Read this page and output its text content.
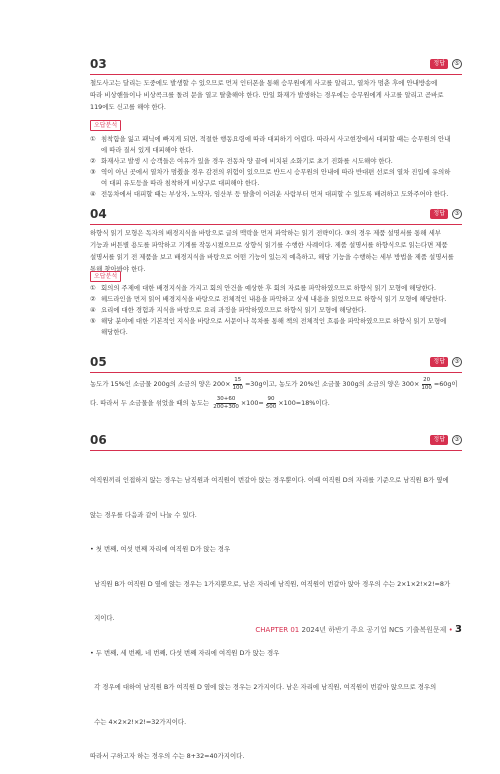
03	정답	⑤

철도사고는 달리는 도중에도 발생할 수 있으므로 먼저 인터폰을 통해 승무원에게 사고를 알리고, 열차가 멈춘 후에 안내방송에
따라 비상핸들이나 비상콕크를 돌려 문을 열고 탈출해야 한다. 만일 화재가 발생하는 경우에는 승무원에게 사고를 알리고 곧바로
119에도 신고를 해야 한다.

오답분석
① 침착함을 잃고 패닉에 빠지게 되면, 적절한 행동요령에 따라 대피하기 어렵다. 따라서 사고현장에서 대피할 때는 승무원의 안내
에 따라 질서 있게 대피해야 한다.
② 화재사고 발생 시 승객들은 여유가 있을 경우 전동차 양 끝에 비치된 소화기로 초기 진화를 시도해야 한다.
③ 역이 아닌 곳에서 열차가 멈췄을 경우 감전의 위험이 있으므로 반드시 승무원의 안내에 따라 반대편 선로의 열차 진입에 유의하
여 대피 유도등을 따라 침착하게 비상구로 대피해야 한다.
④ 전동차에서 대피할 때는 부상자, 노약자, 임산부 등 탈출이 어려운 사람부터 먼저 대피할 수 있도록 배려하고 도와주어야 한다.
04	정답	③

하향식 읽기 모형은 독자의 배경지식을 바탕으로 글의 맥락을 먼저 파악하는 읽기 전략이다. ③의 경우 제품 설명서를 통해 세부
기능과 버튼별 용도를 파악하고 기계를 작동시켰으므로 상향식 읽기를 수행한 사례이다. 제품 설명서를 하향식으로 읽는다면 제품
설명서를 읽기 전 제품을 보고 배경지식을 바탕으로 어떤 기능이 있는지 예측하고, 해당 기능을 수행하는 세부 방법을 제품 설명서를
통해 찾아봐야 한다.

오답분석
① 회의의 주제에 대한 배경지식을 가지고 회의 안건을 예상한 후 회의 자료를 파악하였으므로 하향식 읽기 모형에 해당한다.
② 헤드라인을 먼저 읽어 배경지식을 바탕으로 전체적인 내용을 파악하고 상세 내용을 읽었으므로 하향식 읽기 모형에 해당한다.
④ 요리에 대한 경험과 지식을 바탕으로 요리 과정을 파악하였으므로 하향식 읽기 모형에 해당한다.
⑤ 해당 분야에 대한 기본적인 지식을 바탕으로 서문이나 목차를 통해 책의 전체적인 흐름을 파악하였으므로 하향식 읽기 모형에
해당한다.
05	정답	③
농도가 15%인 소금물 200g의 소금의 양은 $200\times \frac{15}{100} =30g$이고, 농도가 20%인 소금물 300g의 소금의 양은 $300\times \frac{20}{100} =60g$이
다. 따라서 두 소금물을 섞었을 때의 농도는 $\frac{30+60}{200+300} \times 100= \frac{90}{500} \times 100=18\%$이다.
06	정답	③

여직원끼리 인접하지 않는 경우는 남직원과 여직원이 번갈아 앉는 경우뿐이다. 이때 여직원 D의 자리를 기준으로 남직원 B가 옆에

앉는 경우를 다음과 같이 나눌 수 있다.

• 첫 번째, 여섯 번째 자리에 여직원 D가 앉는 경우

남직원 B가 여직원 D 옆에 앉는 경우는 1가지뿐으로, 남은 자리에 남직원, 여직원이 번갈아 앉아 경우의 수는 2×1×2!×2!=8가

지이다.

• 두 번째, 세 번째, 네 번째, 다섯 번째 자리에 여직원 D가 앉는 경우

각 경우에 대하여 남직원 B가 여직원 D 옆에 앉는 경우는 2가지이다. 남은 자리에 남직원, 여직원이 번갈아 앉으므로 경우의

수는 4×2×2!×2!=32가지이다.

따라서 구하고자 하는 경우의 수는 8+32=40가지이다.

CHAPTER 01 2024년 하반기 주요 공기업 NCS 기출복원문제 • 3
